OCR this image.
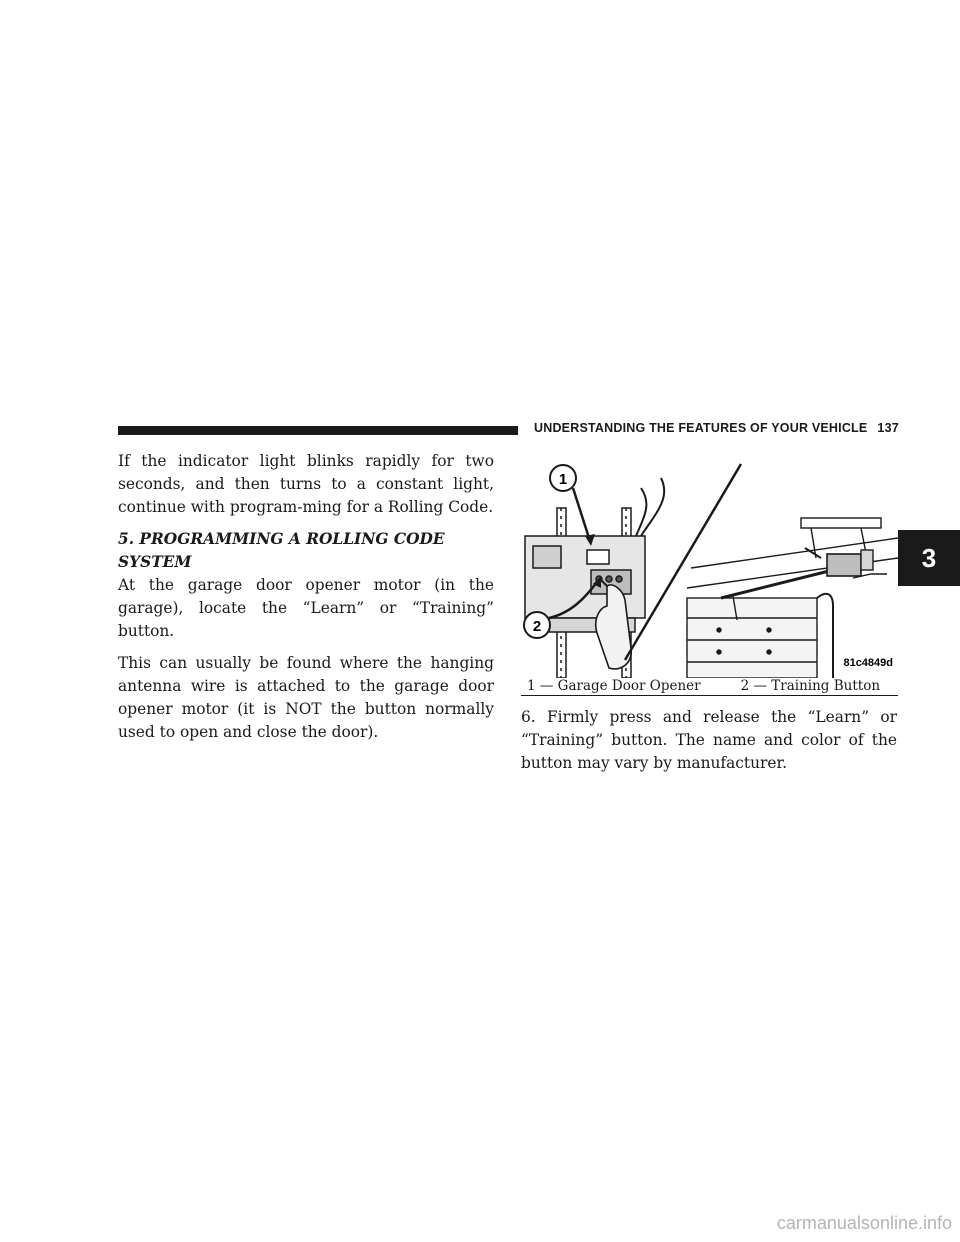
UNDERSTANDING THE FEATURES OF YOUR VEHICLE 137
3

If the indicator light blinks rapidly for two seconds, and then turns to a constant light, continue with program-ming for a Rolling Code.

5. PROGRAMMING A ROLLING CODE SYSTEM

At the garage door opener motor (in the garage), locate the “Learn” or “Training” button.

This can usually be found where the hanging antenna wire is attached to the garage door opener motor (it is NOT the button normally used to open and close the door).

1
2
81c4849d
1 — Garage Door Opener	2 — Training Button

6. Firmly press and release the “Learn” or “Training” button. The name and color of the button may vary by manufacturer.

carmanualsonline.info
